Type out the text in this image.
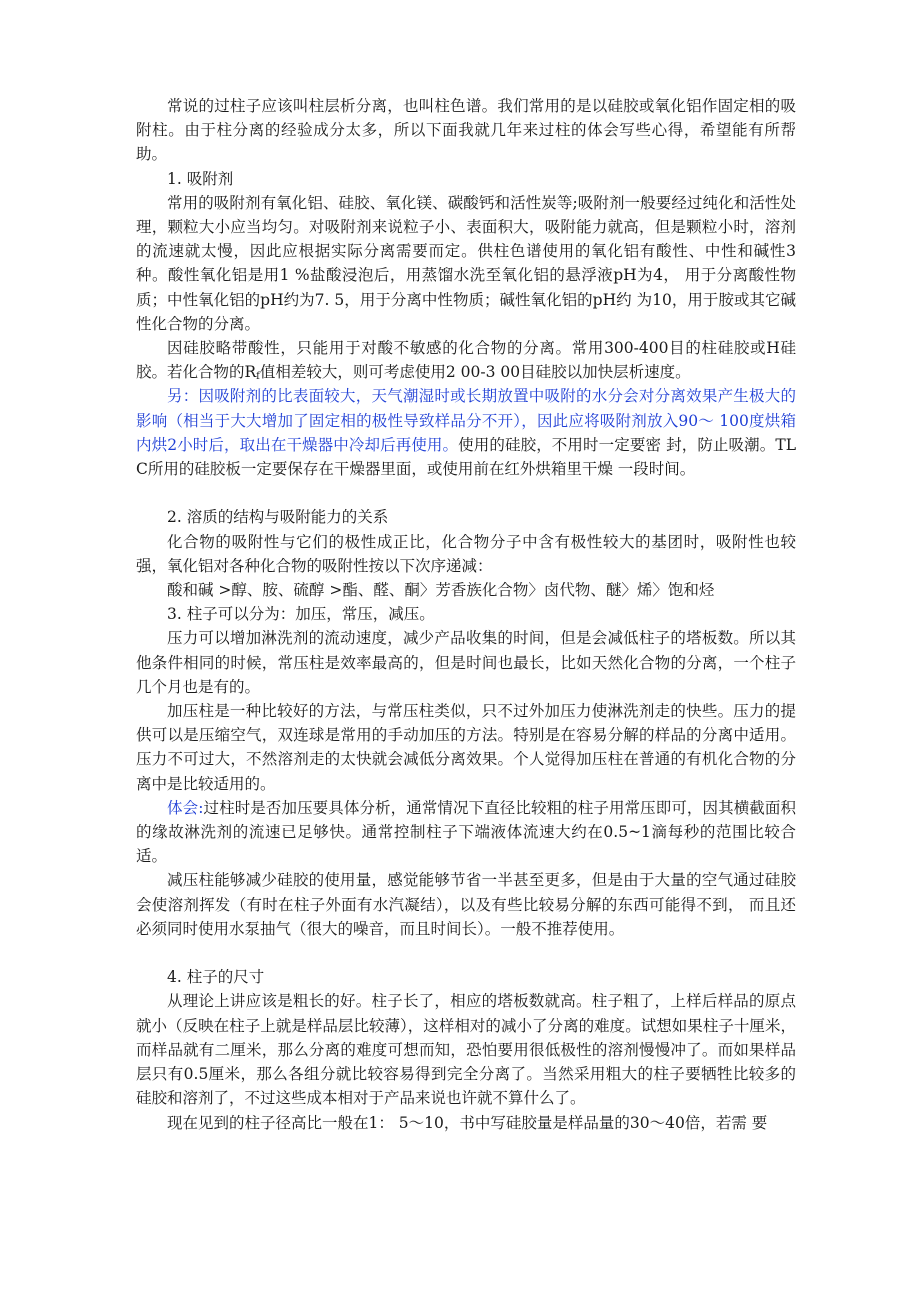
常说的过柱子应该叫柱层析分离，也叫柱色谱。我们常用的是以硅胶或氧化铝作固定相的吸附柱。由于柱分离的经验成分太多，所以下面我就几年来过柱的体会写些心得，希望能有所帮助。

1. 吸附剂

常用的吸附剂有氧化铝、硅胶、氧化镁、碳酸钙和活性炭等;吸附剂一般要经过纯化和活性处理，颗粒大小应当均匀。对吸附剂来说粒子小、表面积大，吸附能力就高，但是颗粒小时，溶剂的流速就太慢，因此应根据实际分离需要而定。供柱色谱使用的氧化铝有酸性、中性和碱性3种。酸性氧化铝是用1 %盐酸浸泡后，用蒸馏水洗至氧化铝的悬浮液pH为4， 用于分离酸性物质；中性氧化铝的pH约为7. 5，用于分离中性物质；碱性氧化铝的pH约 为10，用于胺或其它碱性化合物的分离。

因硅胶略带酸性，只能用于对酸不敏感的化合物的分离。常用300-400目的柱硅胶或H硅胶。若化合物的$R_f$值相差较大，则可考虑使用2 00-3 00目硅胶以加快层析速度。

另：因吸附剂的比表面较大，天气潮湿时或长期放置中吸附的水分会对分离效果产生极大的影响（相当于大大增加了固定相的极性导致样品分不开），因此应将吸附剂放入90〜 100度烘箱内烘2小时后，取出在干燥器中冷却后再使用。使用的硅胶，不用时一定要密 封，防止吸潮。TLC所用的硅胶板一定要保存在干燥器里面，或使用前在红外烘箱里干燥 一段时间。

2. 溶质的结构与吸附能力的关系

化合物的吸附性与它们的极性成正比，化合物分子中含有极性较大的基团时，吸附性也较强，氧化铝对各种化合物的吸附性按以下次序递减：

酸和碱 >醇、胺、硫醇 >酯、醛、酮〉芳香族化合物〉卤代物、醚〉烯〉饱和烃

3. 柱子可以分为：加压，常压，减压。

压力可以增加淋洗剂的流动速度，减少产品收集的时间，但是会减低柱子的塔板数。所以其他条件相同的时候，常压柱是效率最高的，但是时间也最长，比如天然化合物的分离，一个柱子几个月也是有的。

加压柱是一种比较好的方法，与常压柱类似，只不过外加压力使淋洗剂走的快些。压力的提供可以是压缩空气，双连球是常用的手动加压的方法。特别是在容易分解的样品的分离中适用。压力不可过大，不然溶剂走的太快就会减低分离效果。个人觉得加压柱在普通的有机化合物的分离中是比较适用的。

体会:过柱时是否加压要具体分析，通常情况下直径比较粗的柱子用常压即可，因其横截面积的缘故淋洗剂的流速已足够快。通常控制柱子下端液体流速大约在0.5~1滴每秒的范围比较合适。

减压柱能够减少硅胶的使用量，感觉能够节省一半甚至更多，但是由于大量的空气通过硅胶会使溶剂挥发（有时在柱子外面有水汽凝结），以及有些比较易分解的东西可能得不到， 而且还必须同时使用水泵抽气（很大的噪音，而且时间长）。一般不推荐使用。

4. 柱子的尺寸

从理论上讲应该是粗长的好。柱子长了，相应的塔板数就高。柱子粗了，上样后样品的原点就小（反映在柱子上就是样品层比较薄），这样相对的减小了分离的难度。试想如果柱子十厘米，而样品就有二厘米，那么分离的难度可想而知，恐怕要用很低极性的溶剂慢慢冲了。而如果样品层只有0.5厘米，那么各组分就比较容易得到完全分离了。当然采用粗大的柱子要牺牲比较多的硅胶和溶剂了，不过这些成本相对于产品来说也许就不算什么了。

现在见到的柱子径高比一般在1： 5〜10，书中写硅胶量是样品量的30〜40倍，若需 要
